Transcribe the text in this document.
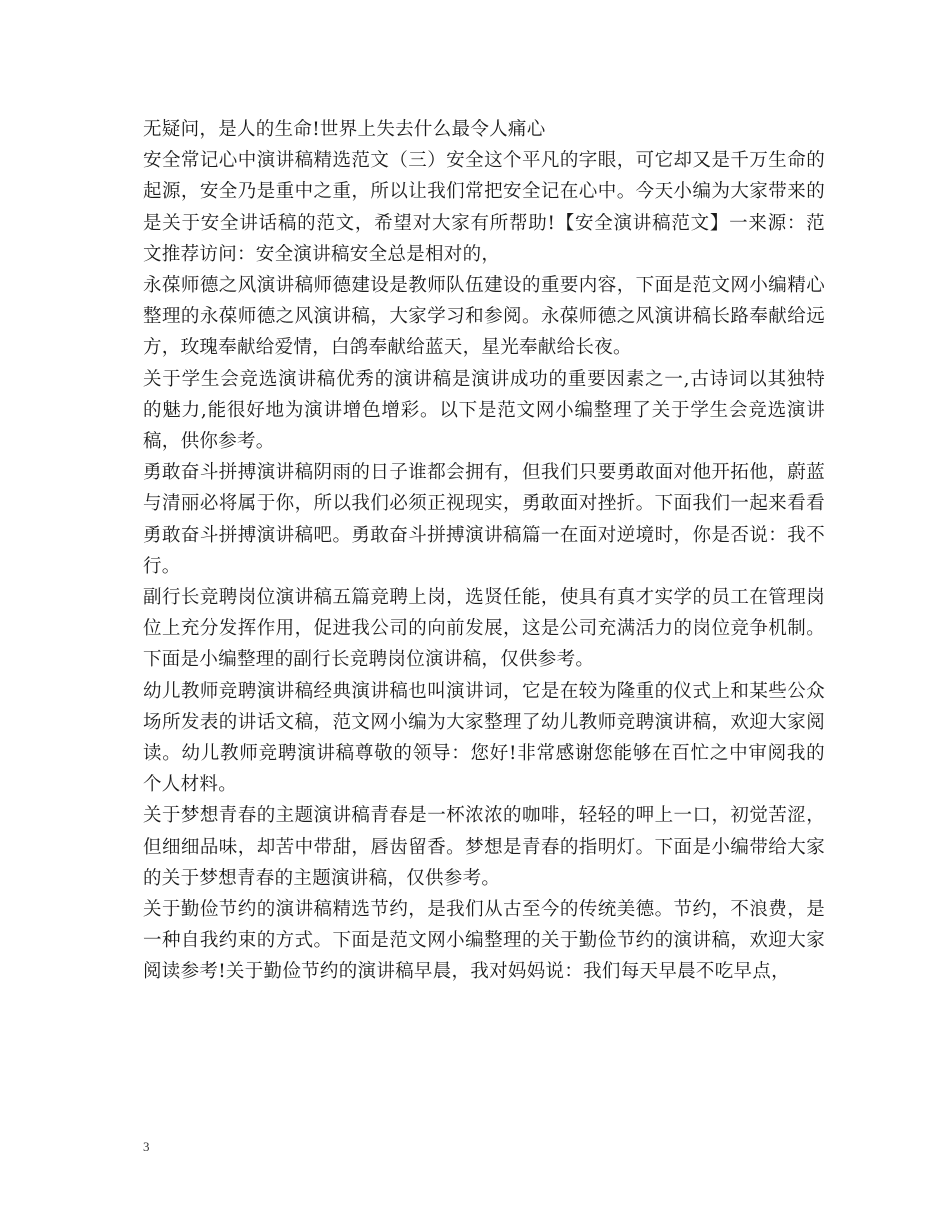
无疑问，是人的生命!世界上失去什么最令人痛心

安全常记心中演讲稿精选范文（三）安全这个平凡的字眼，可它却又是千万生命的起源，安全乃是重中之重，所以让我们常把安全记在心中。今天小编为大家带来的是关于安全讲话稿的范文，希望对大家有所帮助!【安全演讲稿范文】一来源：范文推荐访问：安全演讲稿安全总是相对的，

永葆师德之风演讲稿师德建设是教师队伍建设的重要内容，下面是范文网小编精心整理的永葆师德之风演讲稿，大家学习和参阅。永葆师德之风演讲稿长路奉献给远方，玫瑰奉献给爱情，白鸽奉献给蓝天，星光奉献给长夜。

关于学生会竞选演讲稿优秀的演讲稿是演讲成功的重要因素之一,古诗词以其独特的魅力,能很好地为演讲增色增彩。以下是范文网小编整理了关于学生会竞选演讲稿，供你参考。

勇敢奋斗拼搏演讲稿阴雨的日子谁都会拥有，但我们只要勇敢面对他开拓他，蔚蓝与清丽必将属于你，所以我们必须正视现实，勇敢面对挫折。下面我们一起来看看勇敢奋斗拼搏演讲稿吧。勇敢奋斗拼搏演讲稿篇一在面对逆境时，你是否说：我不行。

副行长竞聘岗位演讲稿五篇竞聘上岗，选贤任能，使具有真才实学的员工在管理岗位上充分发挥作用，促进我公司的向前发展，这是公司充满活力的岗位竞争机制。下面是小编整理的副行长竞聘岗位演讲稿，仅供参考。

幼儿教师竞聘演讲稿经典演讲稿也叫演讲词，它是在较为隆重的仪式上和某些公众场所发表的讲话文稿，范文网小编为大家整理了幼儿教师竞聘演讲稿，欢迎大家阅读。幼儿教师竞聘演讲稿尊敬的领导：您好!非常感谢您能够在百忙之中审阅我的个人材料。

关于梦想青春的主题演讲稿青春是一杯浓浓的咖啡，轻轻的呷上一口，初觉苦涩，但细细品味，却苦中带甜，唇齿留香。梦想是青春的指明灯。下面是小编带给大家的关于梦想青春的主题演讲稿，仅供参考。

关于勤俭节约的演讲稿精选节约，是我们从古至今的传统美德。节约，不浪费，是一种自我约束的方式。下面是范文网小编整理的关于勤俭节约的演讲稿，欢迎大家阅读参考!关于勤俭节约的演讲稿早晨，我对妈妈说：我们每天早晨不吃早点，

3
